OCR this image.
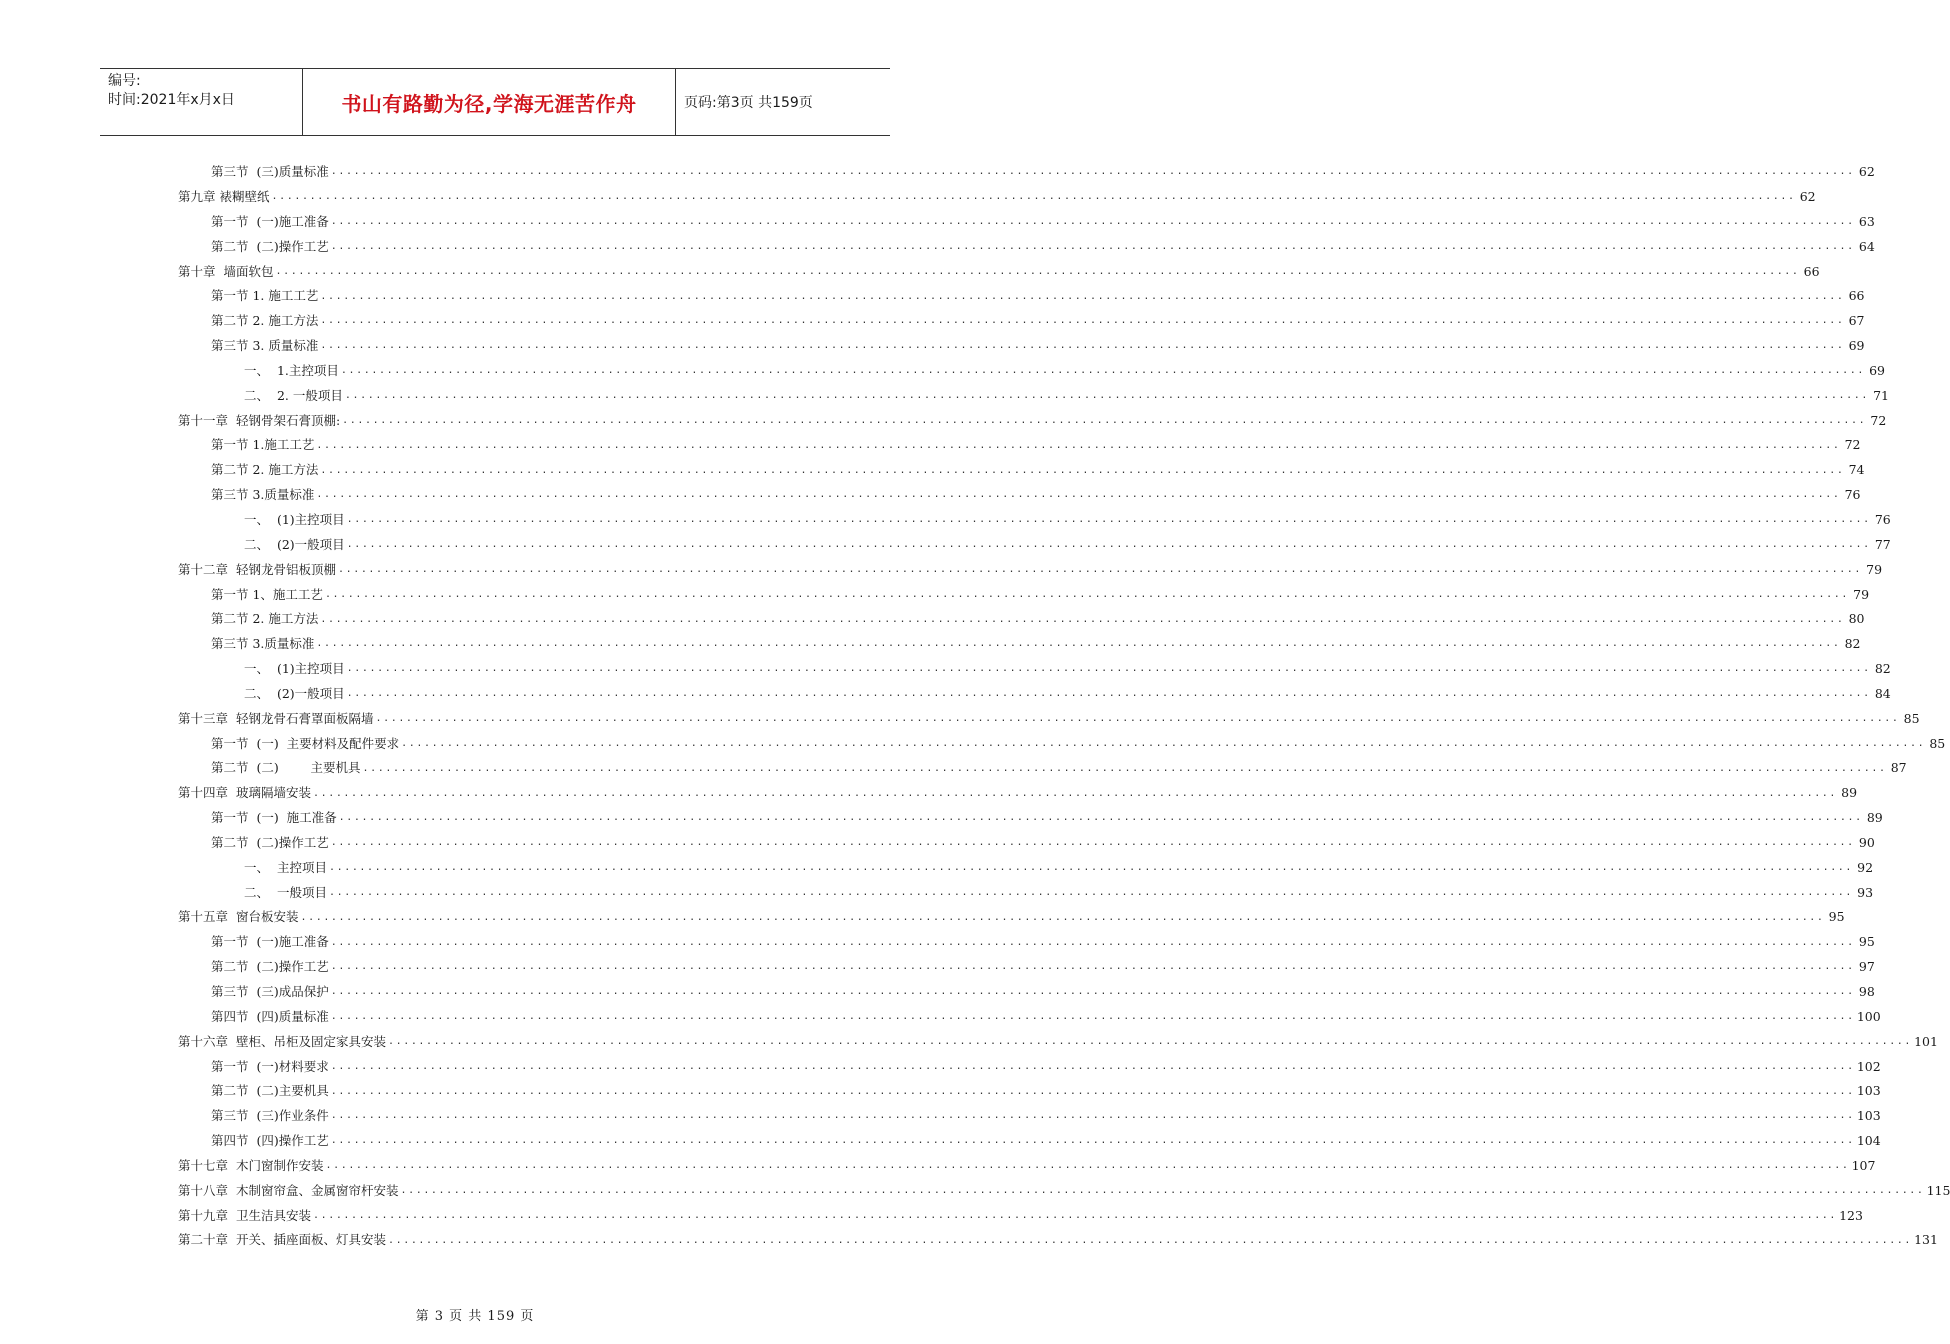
编号:
时间:2021年x月x日	书山有路勤为径,学海无涯苦作舟	页码:第3页 共159页
第三节  (三)质量标准 ........................................................................................................................................................................................................ 62
第九章 裱糊壁纸 ........................................................................................................................................................................................................ 62
第一节  (一)施工准备 ........................................................................................................................................................................................................ 63
第二节  (二)操作工艺 ........................................................................................................................................................................................................ 64
第十章  墙面软包 ........................................................................................................................................................................................................ 66
第一节 1. 施工工艺 ........................................................................................................................................................................................................ 66
第二节 2. 施工方法 ........................................................................................................................................................................................................ 67
第三节 3. 质量标准 ........................................................................................................................................................................................................ 69
一、  1.主控项目 ........................................................................................................................................................................................................ 69
二、  2. 一般项目 ........................................................................................................................................................................................................ 71
第十一章  轻钢骨架石膏顶棚: ........................................................................................................................................................................................................ 72
第一节 1.施工工艺 ........................................................................................................................................................................................................ 72
第二节 2. 施工方法 ........................................................................................................................................................................................................ 74
第三节 3.质量标准 ........................................................................................................................................................................................................ 76
一、  (1)主控项目 ........................................................................................................................................................................................................ 76
二、  (2)一般项目 ........................................................................................................................................................................................................ 77
第十二章  轻钢龙骨铝板顶棚 ........................................................................................................................................................................................................ 79
第一节 1、施工工艺 ........................................................................................................................................................................................................ 79
第二节 2. 施工方法 ........................................................................................................................................................................................................ 80
第三节 3.质量标准 ........................................................................................................................................................................................................ 82
一、  (1)主控项目 ........................................................................................................................................................................................................ 82
二、  (2)一般项目 ........................................................................................................................................................................................................ 84
第十三章  轻钢龙骨石膏罩面板隔墙 ........................................................................................................................................................................................................ 85
第一节  (一)  主要材料及配件要求 ........................................................................................................................................................................................................ 85
第二节  (二)        主要机具 ........................................................................................................................................................................................................ 87
第十四章  玻璃隔墙安装 ........................................................................................................................................................................................................ 89
第一节  (一)  施工准备 ........................................................................................................................................................................................................ 89
第二节  (二)操作工艺 ........................................................................................................................................................................................................ 90
一、  主控项目 ........................................................................................................................................................................................................ 92
二、  一般项目 ........................................................................................................................................................................................................ 93
第十五章  窗台板安装 ........................................................................................................................................................................................................ 95
第一节  (一)施工准备 ........................................................................................................................................................................................................ 95
第二节  (二)操作工艺 ........................................................................................................................................................................................................ 97
第三节  (三)成品保护 ........................................................................................................................................................................................................ 98
第四节  (四)质量标准 ........................................................................................................................................................................................................ 100
第十六章  壁柜、吊柜及固定家具安装 ........................................................................................................................................................................................................ 101
第一节  (一)材料要求 ........................................................................................................................................................................................................ 102
第二节  (二)主要机具 ........................................................................................................................................................................................................ 103
第三节  (三)作业条件 ........................................................................................................................................................................................................ 103
第四节  (四)操作工艺 ........................................................................................................................................................................................................ 104
第十七章  木门窗制作安装 ........................................................................................................................................................................................................ 107
第十八章  木制窗帘盒、金属窗帘杆安装 ........................................................................................................................................................................................................ 115
第十九章  卫生洁具安装 ........................................................................................................................................................................................................ 123
第二十章  开关、插座面板、灯具安装 ........................................................................................................................................................................................................ 131
第 3 页 共 159 页
